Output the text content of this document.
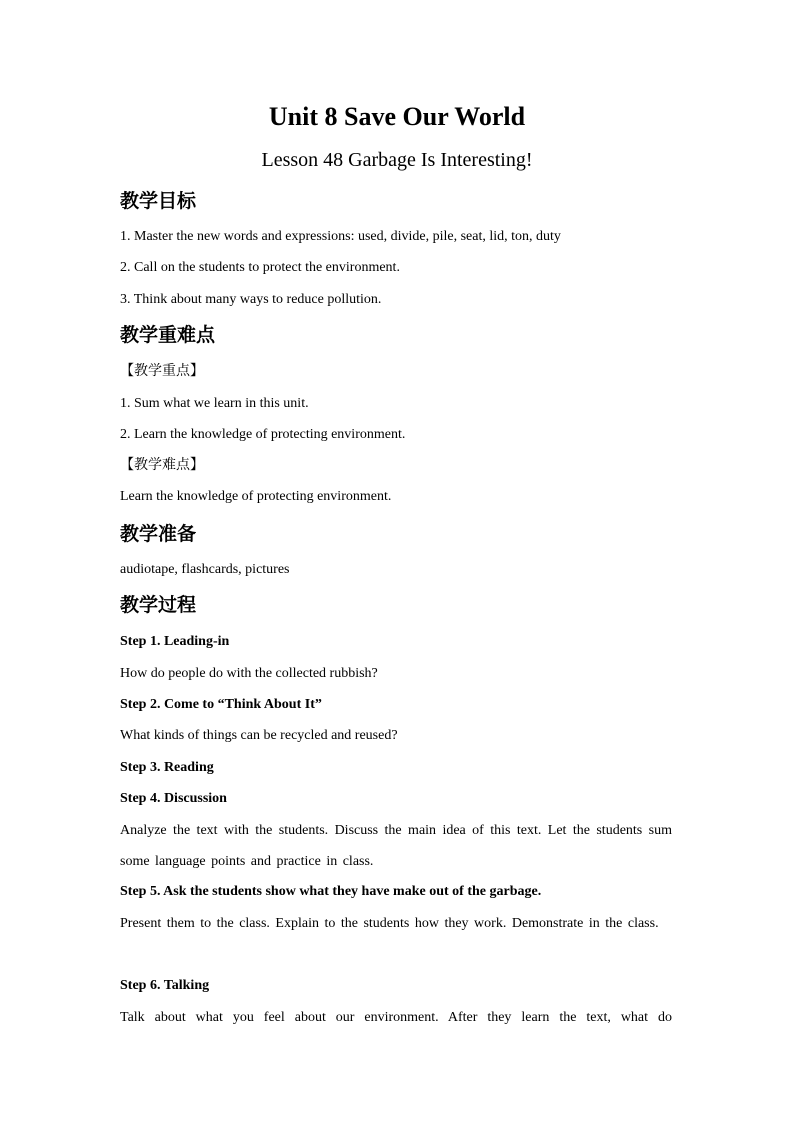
Unit 8 Save Our World
Lesson 48 Garbage Is Interesting!
教学目标
1. Master the new words and expressions: used, divide, pile, seat, lid, ton, duty
2. Call on the students to protect the environment.
3. Think about many ways to reduce pollution.
教学重难点
【教学重点】
1. Sum what we learn in this unit.
2. Learn the knowledge of protecting environment.
【教学难点】
Learn the knowledge of protecting environment.
教学准备
audiotape, flashcards, pictures
教学过程
Step 1. Leading-in
How do people do with the collected rubbish?
Step 2. Come to “Think About It”
What kinds of things can be recycled and reused?
Step 3. Reading
Step 4. Discussion
Analyze the text with the students. Discuss the main idea of this text. Let the students sum some language points and practice in class.
Step 5. Ask the students show what they have make out of the garbage.
Present them to the class. Explain to the students how they work. Demonstrate in the class.
Step 6. Talking
Talk about what you feel about our environment. After they learn the text, what do
